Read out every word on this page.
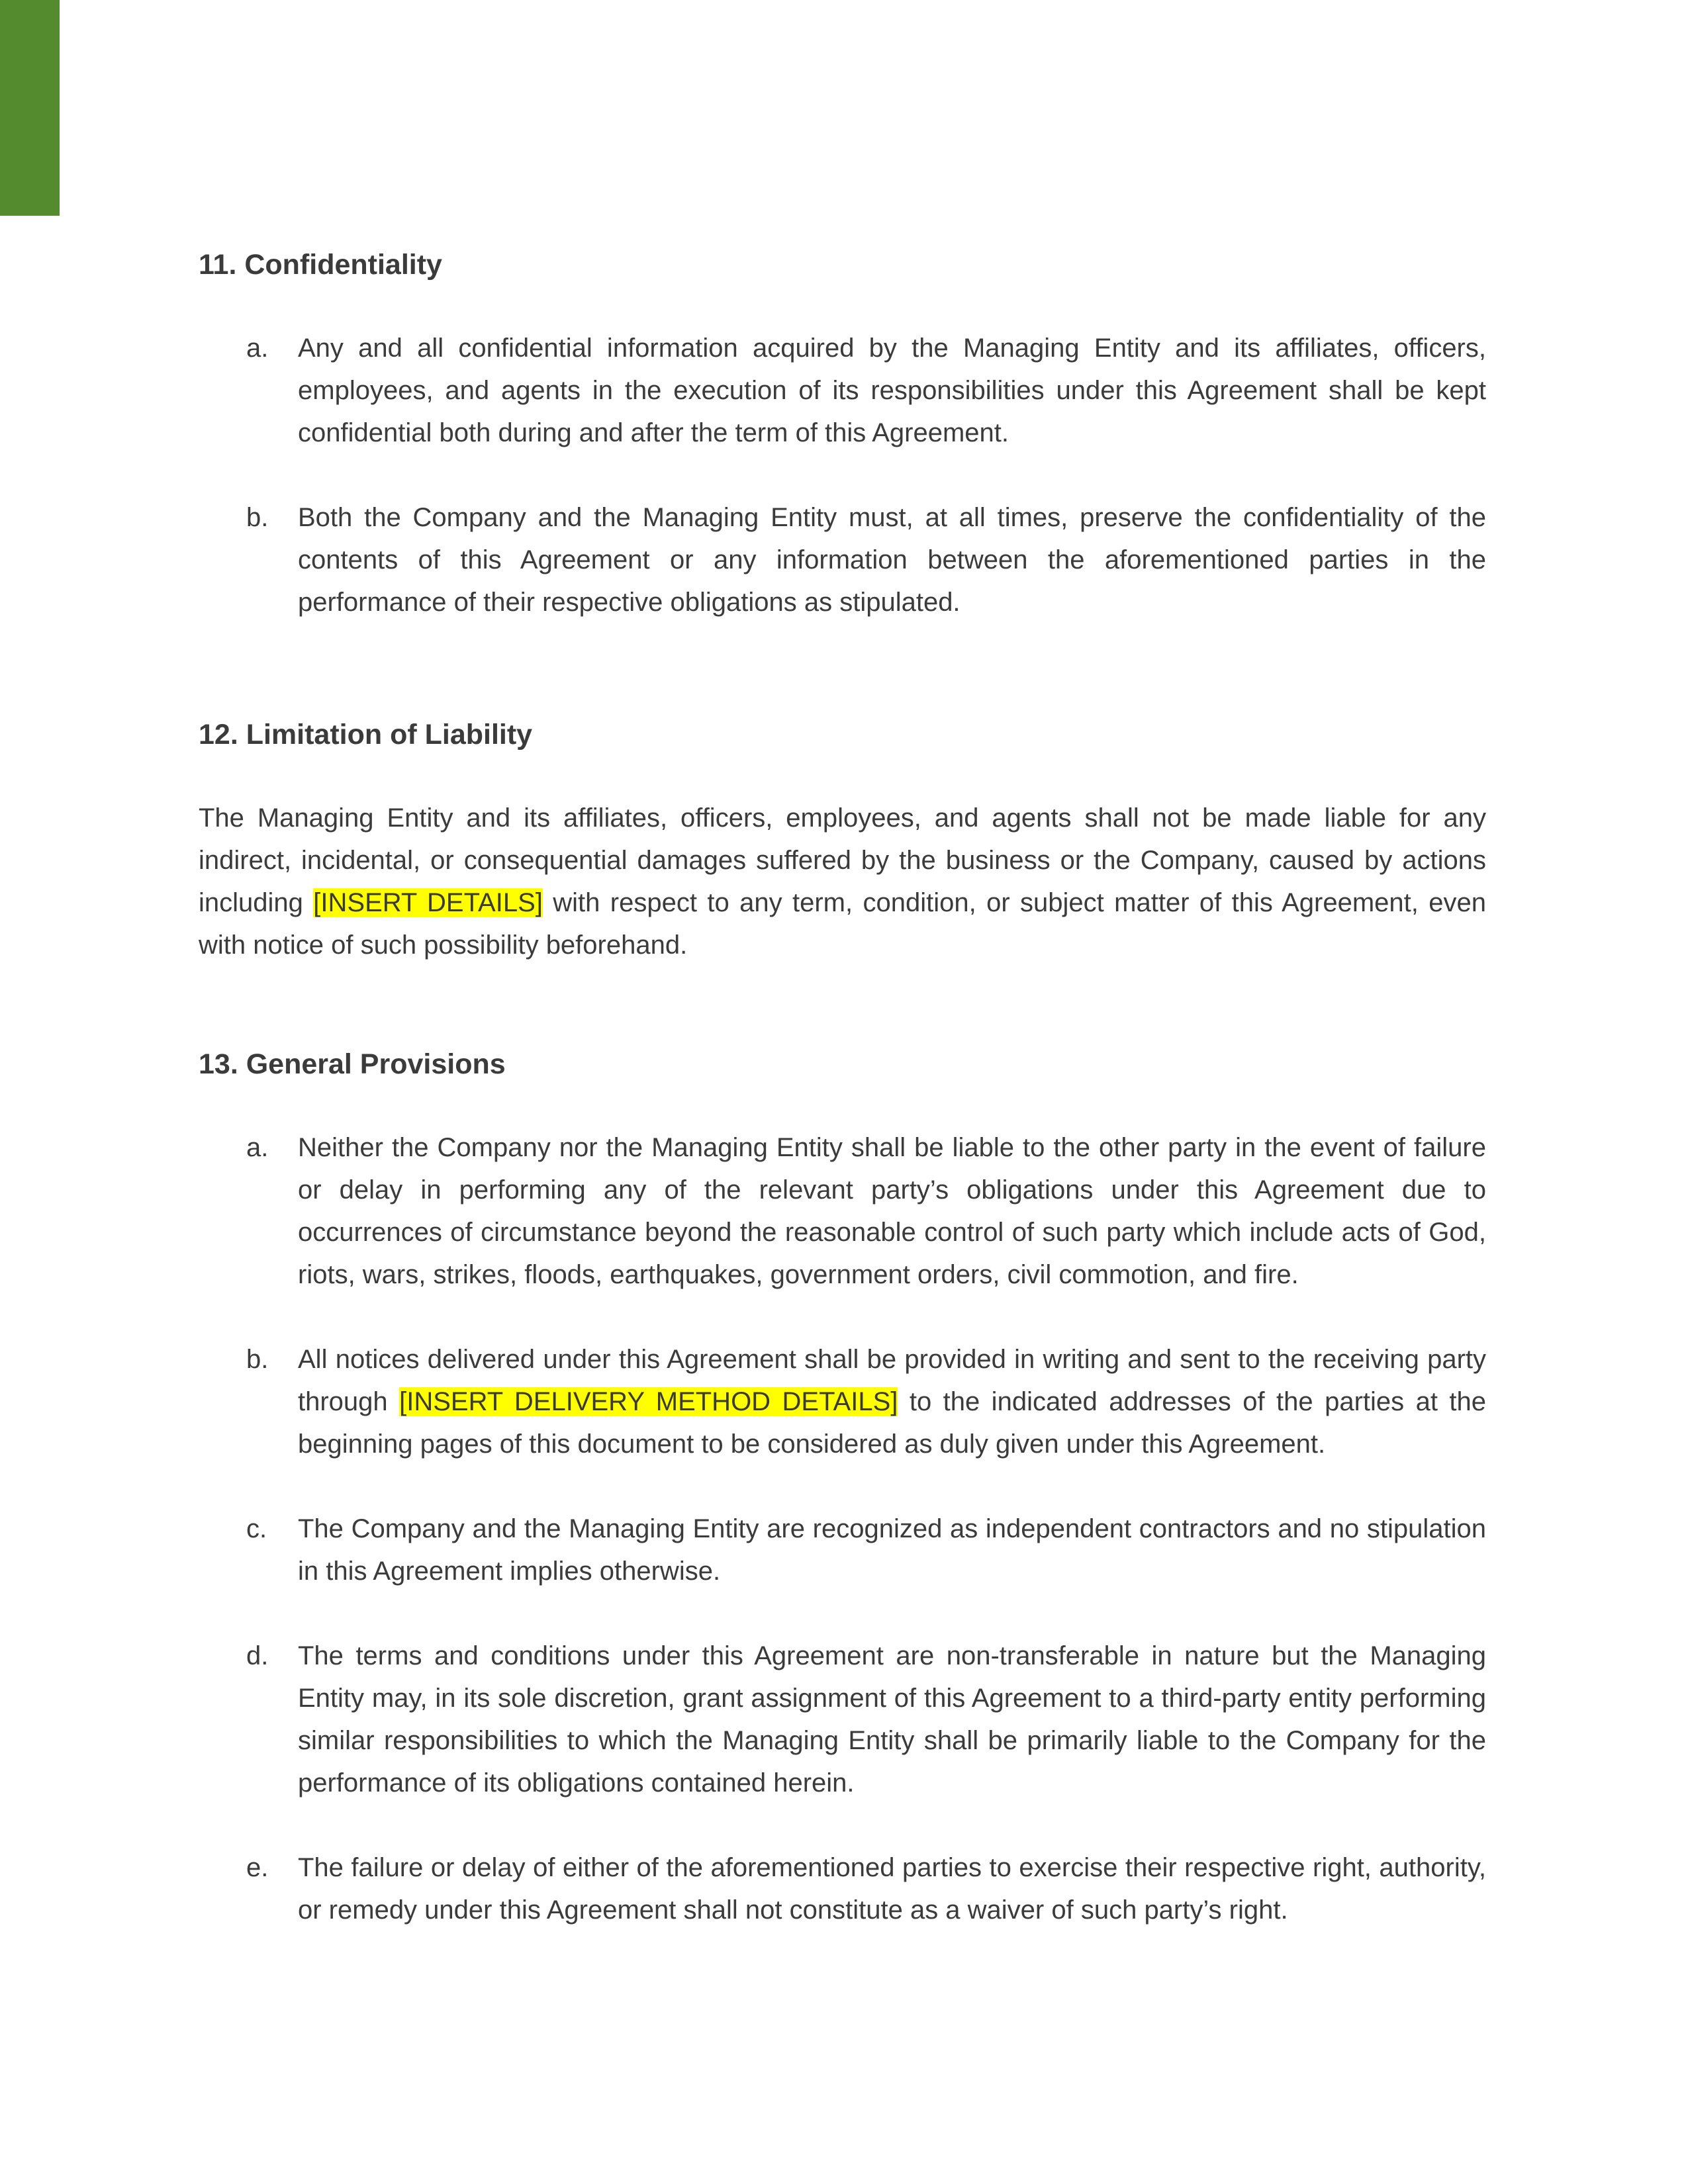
11. Confidentiality
a. Any and all confidential information acquired by the Managing Entity and its affiliates, officers, employees, and agents in the execution of its responsibilities under this Agreement shall be kept confidential both during and after the term of this Agreement.
b. Both the Company and the Managing Entity must, at all times, preserve the confidentiality of the contents of this Agreement or any information between the aforementioned parties in the performance of their respective obligations as stipulated.
12. Limitation of Liability

The Managing Entity and its affiliates, officers, employees, and agents shall not be made liable for any indirect, incidental, or consequential damages suffered by the business or the Company, caused by actions including [INSERT DETAILS] with respect to any term, condition, or subject matter of this Agreement, even with notice of such possibility beforehand.

13. General Provisions
a. Neither the Company nor the Managing Entity shall be liable to the other party in the event of failure or delay in performing any of the relevant party’s obligations under this Agreement due to occurrences of circumstance beyond the reasonable control of such party which include acts of God, riots, wars, strikes, floods, earthquakes, government orders, civil commotion, and fire.
b. All notices delivered under this Agreement shall be provided in writing and sent to the receiving party through [INSERT DELIVERY METHOD DETAILS] to the indicated addresses of the parties at the beginning pages of this document to be considered as duly given under this Agreement.
c. The Company and the Managing Entity are recognized as independent contractors and no stipulation in this Agreement implies otherwise.
d. The terms and conditions under this Agreement are non-transferable in nature but the Managing Entity may, in its sole discretion, grant assignment of this Agreement to a third-party entity performing similar responsibilities to which the Managing Entity shall be primarily liable to the Company for the performance of its obligations contained herein.
e. The failure or delay of either of the aforementioned parties to exercise their respective right, authority, or remedy under this Agreement shall not constitute as a waiver of such party’s right.
